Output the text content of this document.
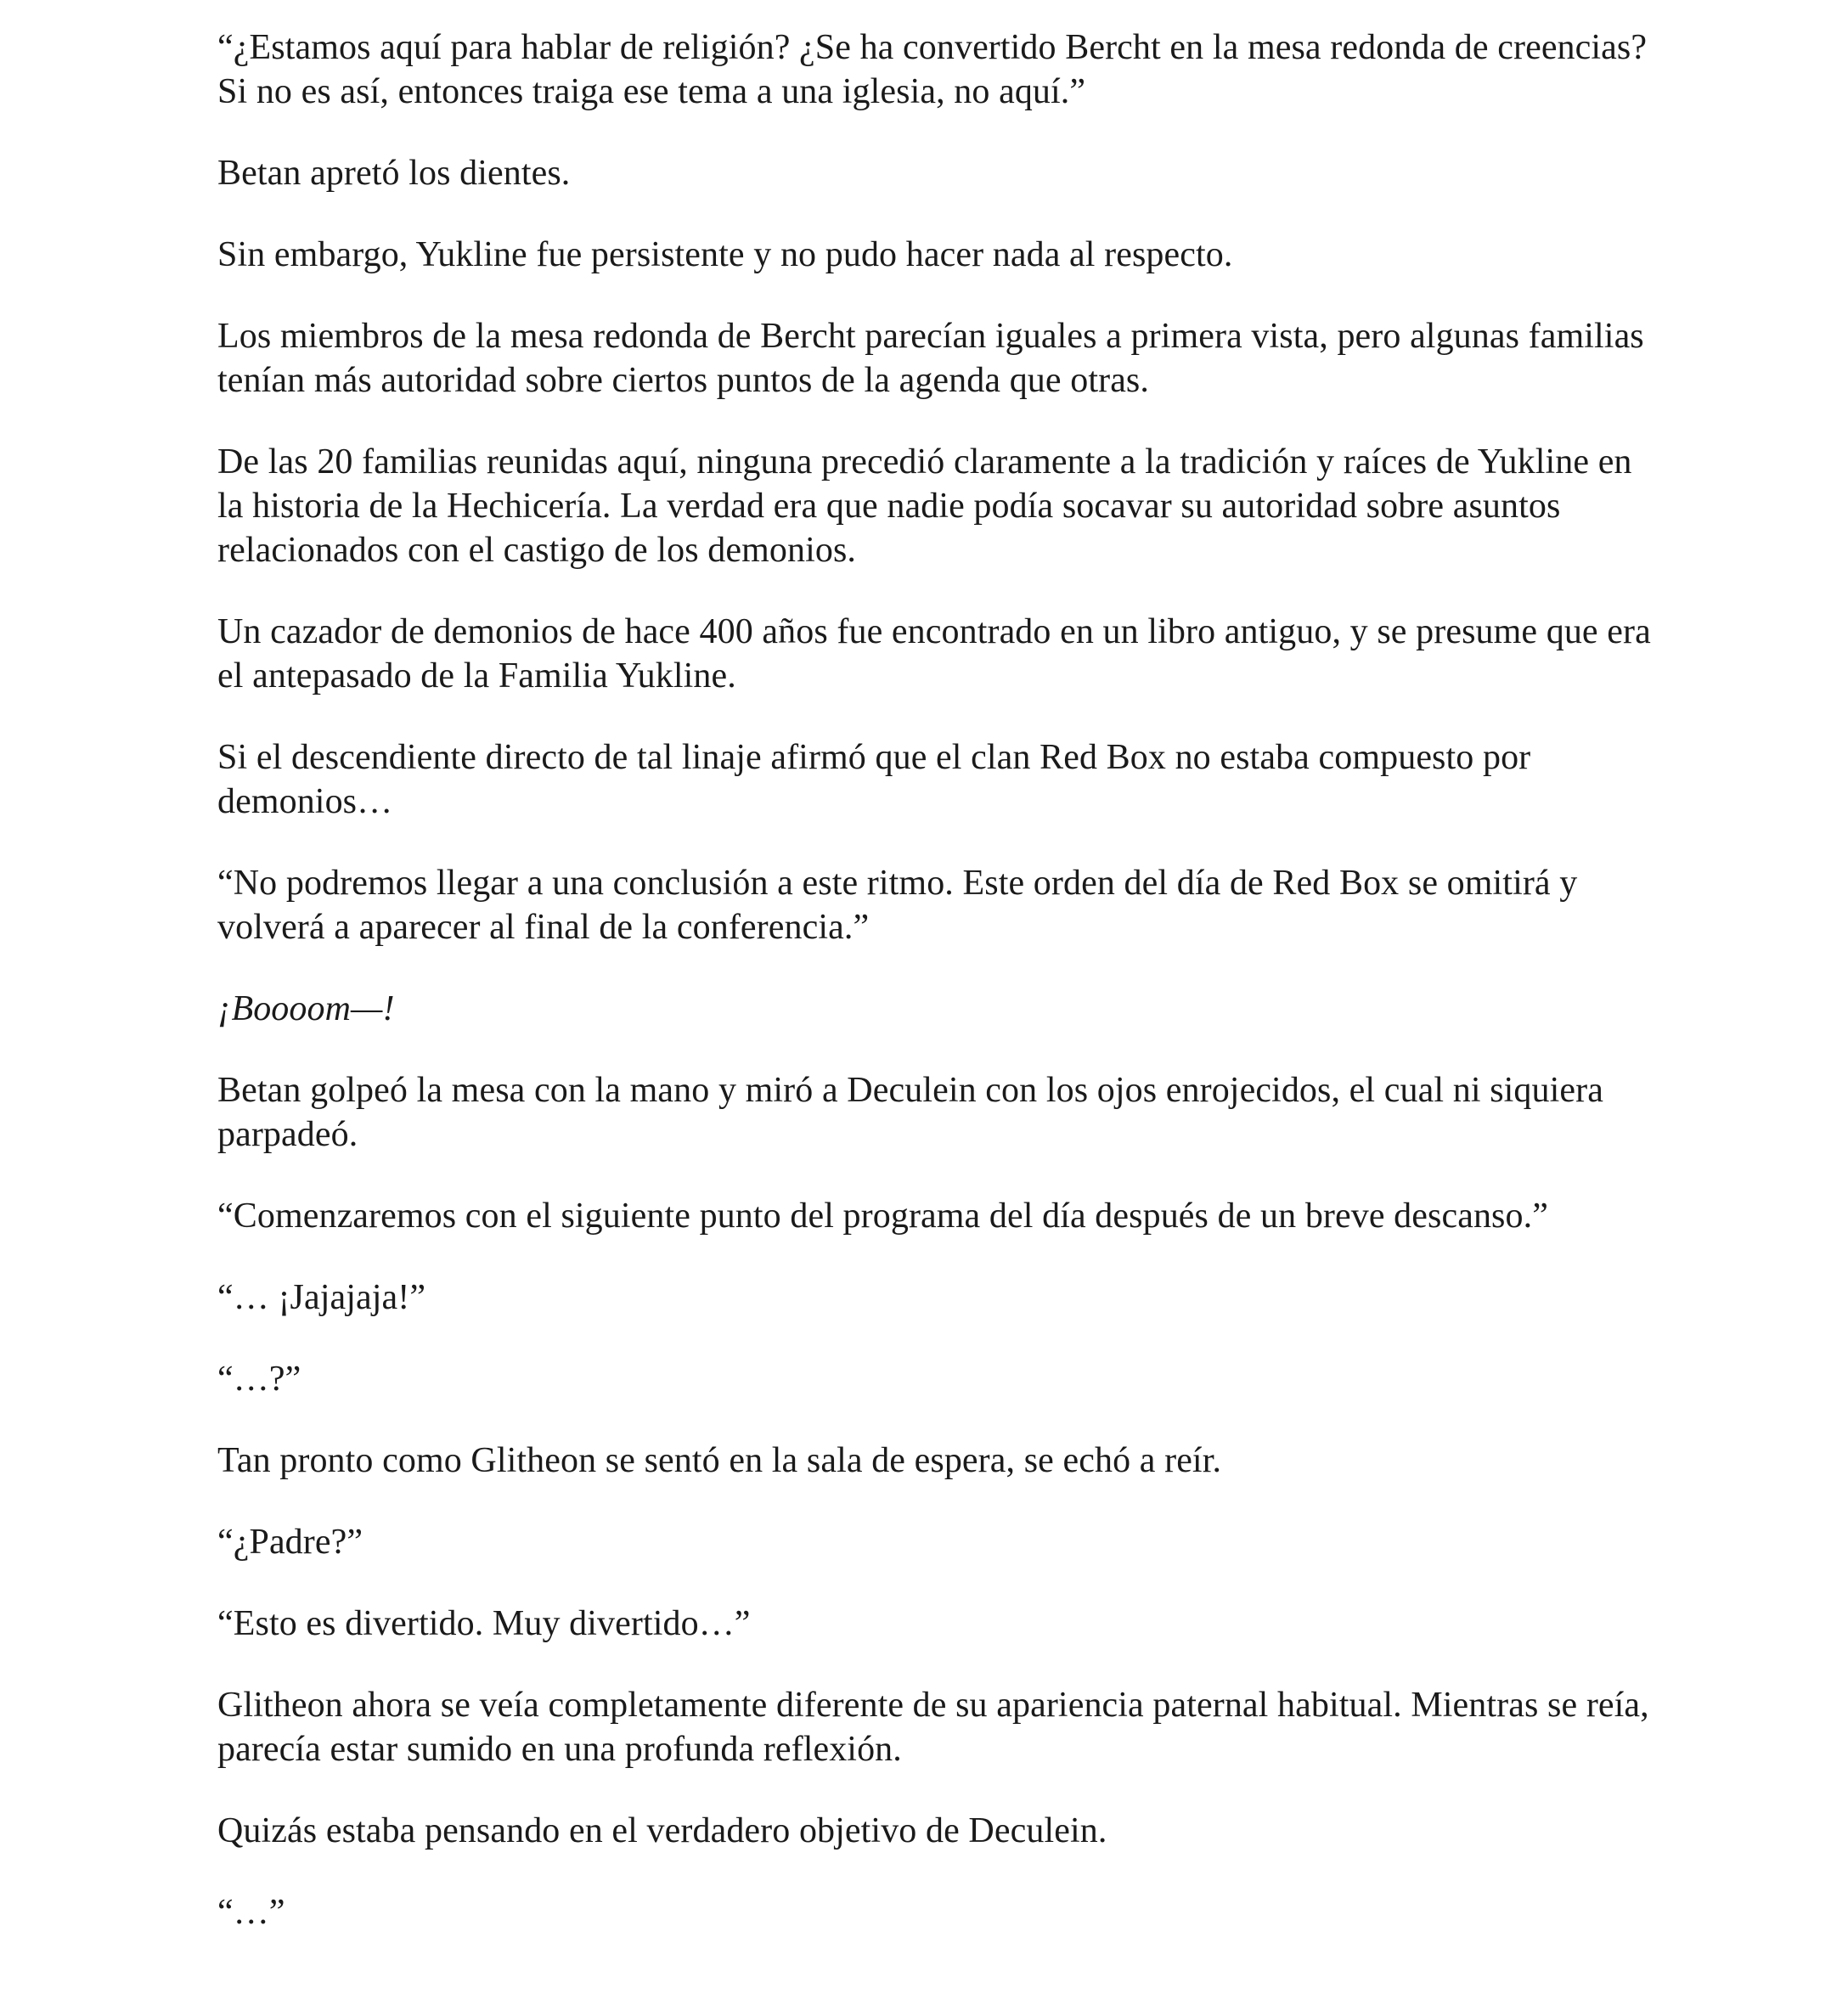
“¿Estamos aquí para hablar de religión? ¿Se ha convertido Bercht en la mesa redonda de creencias? Si no es así, entonces traiga ese tema a una iglesia, no aquí.”

Betan apretó los dientes.

Sin embargo, Yukline fue persistente y no pudo hacer nada al respecto.

Los miembros de la mesa redonda de Bercht parecían iguales a primera vista, pero algunas familias tenían más autoridad sobre ciertos puntos de la agenda que otras.

De las 20 familias reunidas aquí, ninguna precedió claramente a la tradición y raíces de Yukline en la historia de la Hechicería. La verdad era que nadie podía socavar su autoridad sobre asuntos relacionados con el castigo de los demonios.

Un cazador de demonios de hace 400 años fue encontrado en un libro antiguo, y se presume que era el antepasado de la Familia Yukline.

Si el descendiente directo de tal linaje afirmó que el clan Red Box no estaba compuesto por demonios…

“No podremos llegar a una conclusión a este ritmo. Este orden del día de Red Box se omitirá y volverá a aparecer al final de la conferencia.”

¡Boooom—!

Betan golpeó la mesa con la mano y miró a Deculein con los ojos enrojecidos, el cual ni siquiera parpadeó.

“Comenzaremos con el siguiente punto del programa del día después de un breve descanso.”

“… ¡Jajajaja!”

“…?”

Tan pronto como Glitheon se sentó en la sala de espera, se echó a reír.

“¿Padre?”

“Esto es divertido. Muy divertido…”

Glitheon ahora se veía completamente diferente de su apariencia paternal habitual. Mientras se reía, parecía estar sumido en una profunda reflexión.

Quizás estaba pensando en el verdadero objetivo de Deculein.

“…”
